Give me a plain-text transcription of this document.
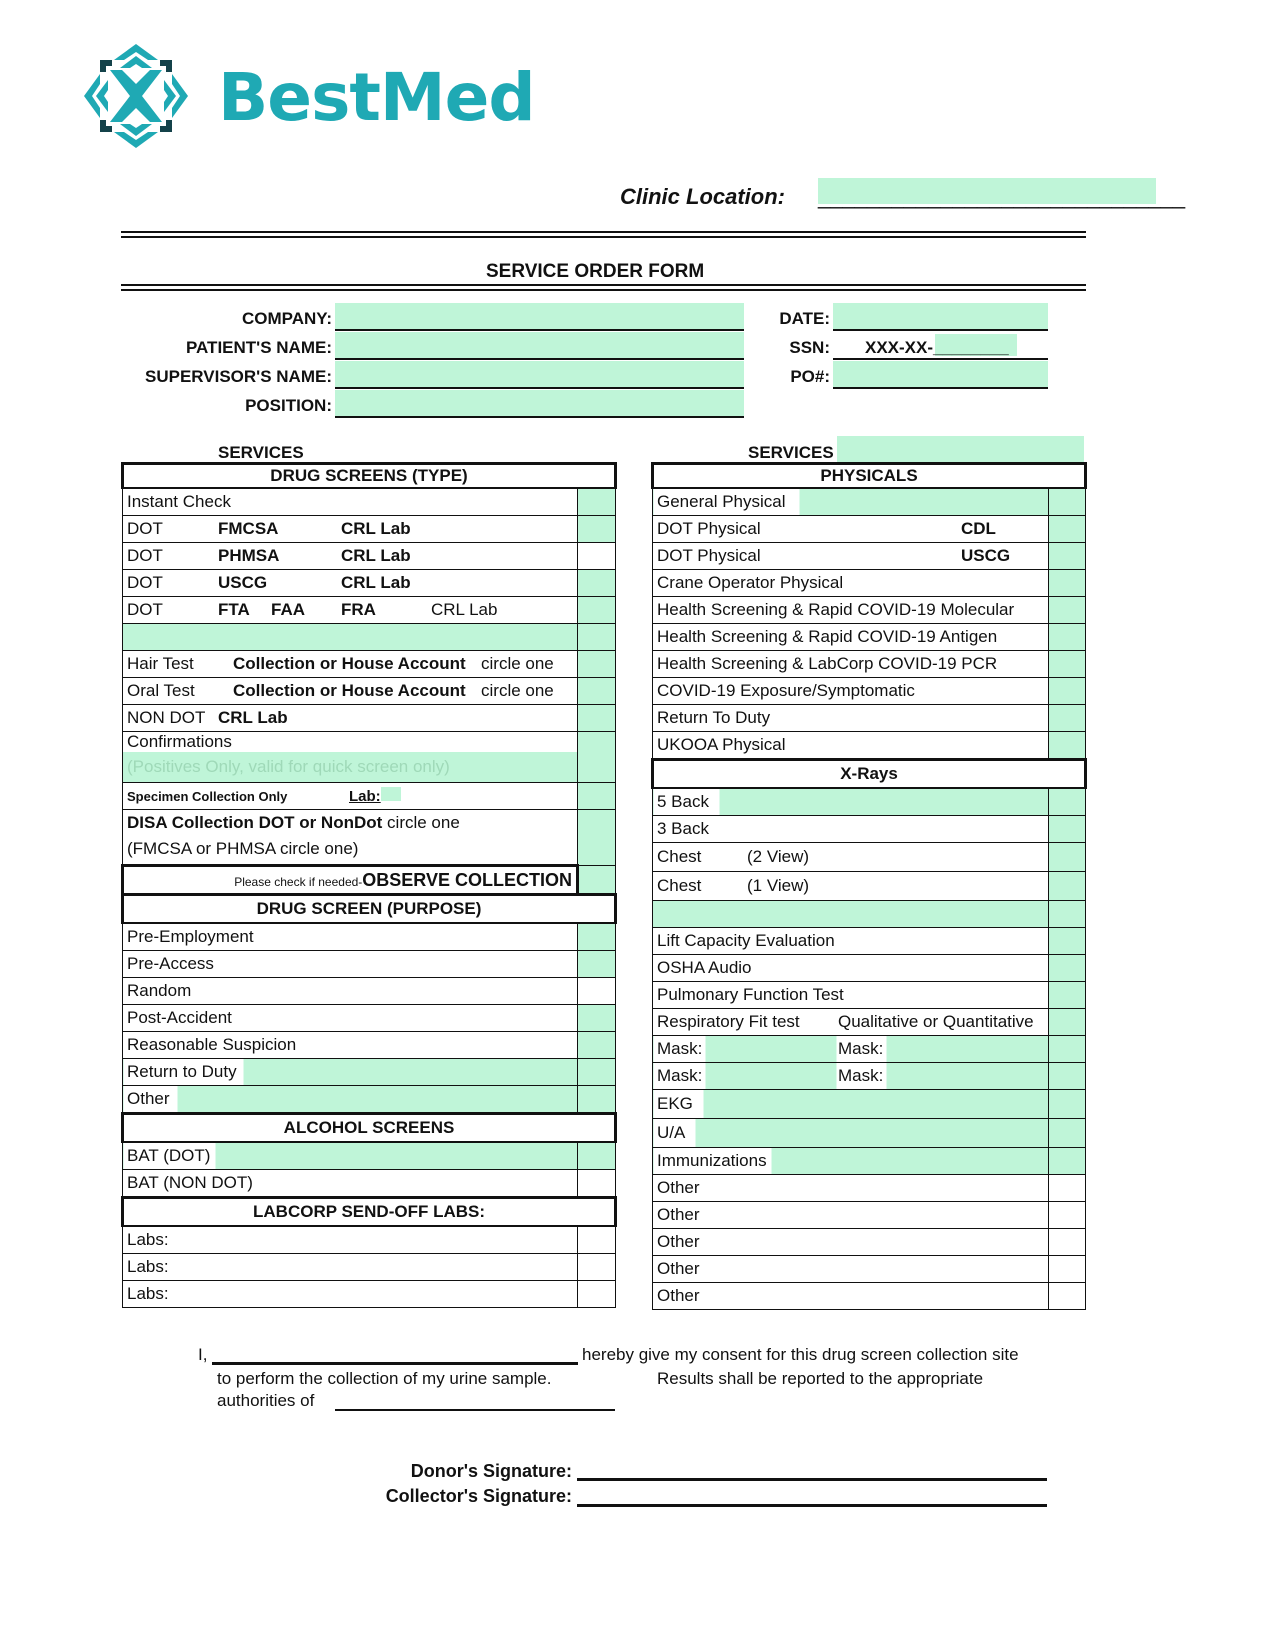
BestMed
Clinic Location: ______________________________
SERVICE ORDER FORM
COMPANY:
PATIENT'S NAME:
SUPERVISOR'S NAME:
POSITION:
DATE:
SSN: XXX-XX-________
PO#:
SERVICES	SERVICES
DRUG SCREENS (TYPE)	
Instant Check	
DOT FMCSA CRL Lab	
DOT PHMSA CRL Lab	
DOT USCG CRL Lab	
DOT FTA FAA FRA CRL Lab	

Hair Test Collection or House Account circle one	
Oral Test Collection or House Account circle one	
NON DOT CRL Lab	
Confirmations	
(Positives Only, valid for quick screen only)	
Specimen Collection Only Lab:	
DISA Collection DOT or NonDot circle one
(FMCSA or PHMSA circle one)	
Please check if needed-OBSERVE COLLECTION	
DRUG SCREEN (PURPOSE)	
Pre-Employment	
Pre-Access	
Random	
Post-Accident	
Reasonable Suspicion	
Return to Duty	
Other	
ALCOHOL SCREENS	
BAT (DOT)	
BAT (NON DOT)	
LABCORP SEND-OFF LABS:	
Labs:	
Labs:	
Labs:	
PHYSICALS	
General Physical	
DOT Physical CDL	
DOT Physical USCG	
Crane Operator Physical	
Health Screening & Rapid COVID-19 Molecular	
Health Screening & Rapid COVID-19 Antigen	
Health Screening & LabCorp COVID-19 PCR	
COVID-19 Exposure/Symptomatic	
Return To Duty	
UKOOA Physical	
X-Rays	
5 Back	
3 Back	
Chest (2 View)	
Chest (1 View)	

Lift Capacity Evaluation	
OSHA Audio	
Pulmonary Function Test	
Respiratory Fit test Qualitative or Quantitative	
Mask: Mask:	
Mask: Mask:	
EKG	
U/A	
Immunizations	
Other	
Other	
Other	
Other	
Other	
I,	hereby give my consent for this drug screen collection site
to perform the collection of my urine sample.	Results shall be reported to the appropriate
authorities of
Donor's Signature:
Collector's Signature:
